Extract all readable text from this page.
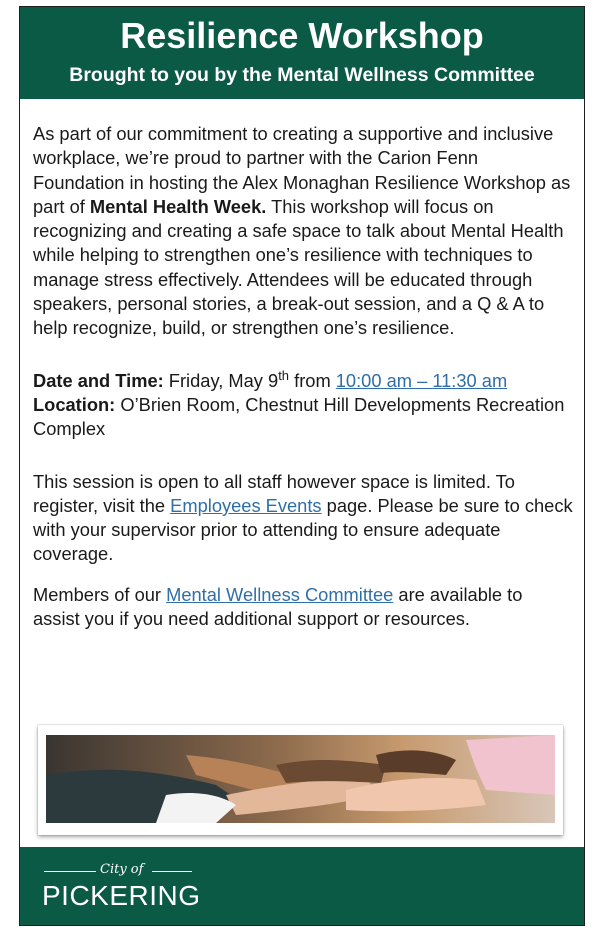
Resilience Workshop
Brought to you by the Mental Wellness Committee

As part of our commitment to creating a supportive and inclusive workplace, we’re proud to partner with the Carion Fenn Foundation in hosting the Alex Monaghan Resilience Workshop as part of Mental Health Week. This workshop will focus on recognizing and creating a safe space to talk about Mental Health while helping to strengthen one’s resilience with techniques to manage stress effectively. Attendees will be educated through speakers, personal stories, a break-out session, and a Q & A to help recognize, build, or strengthen one’s resilience.

Date and Time: Friday, May 9th from 10:00 am – 11:30 am

Location: O’Brien Room, Chestnut Hill Developments Recreation Complex

This session is open to all staff however space is limited. To register, visit the Employees Events page. Please be sure to check with your supervisor prior to attending to ensure adequate coverage.

Members of our Mental Wellness Committee are available to assist you if you need additional support or resources.

City of
PICKERING
